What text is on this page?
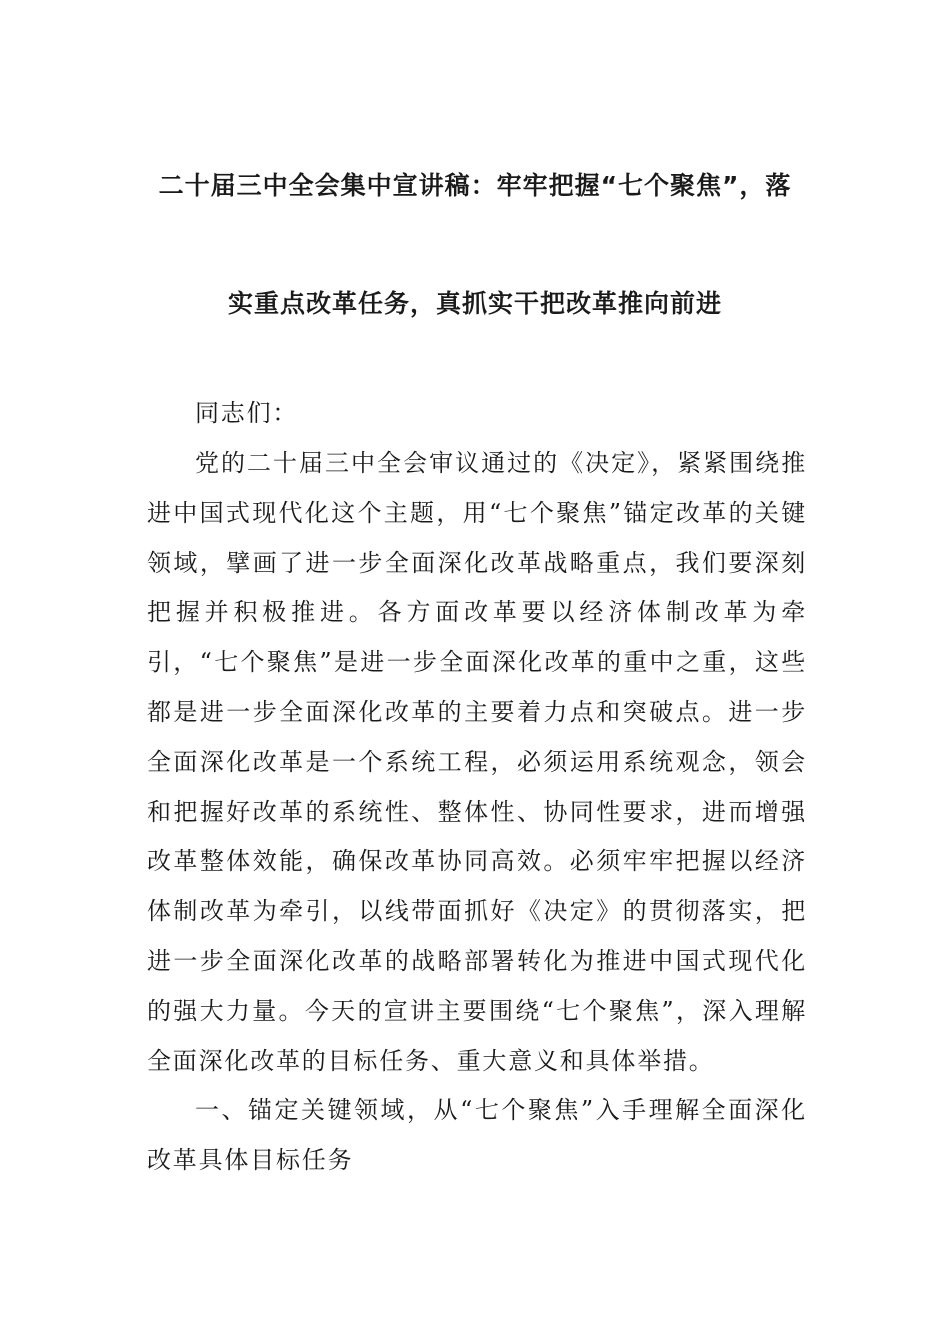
二十届三中全会集中宣讲稿：牢牢把握“七个聚焦”，落
实重点改革任务，真抓实干把改革推向前进

同志们：

党的二十届三中全会审议通过的《决定》，紧紧围绕推进中国式现代化这个主题，用“七个聚焦”锚定改革的关键领域，擘画了进一步全面深化改革战略重点，我们要深刻把握并积极推进。各方面改革要以经济体制改革为牵引，“七个聚焦”是进一步全面深化改革的重中之重，这些都是进一步全面深化改革的主要着力点和突破点。进一步全面深化改革是一个系统工程，必须运用系统观念，领会和把握好改革的系统性、整体性、协同性要求，进而增强改革整体效能，确保改革协同高效。必须牢牢把握以经济体制改革为牵引，以线带面抓好《决定》的贯彻落实，把进一步全面深化改革的战略部署转化为推进中国式现代化的强大力量。今天的宣讲主要围绕“七个聚焦”，深入理解全面深化改革的目标任务、重大意义和具体举措。

一、锚定关键领域，从“七个聚焦”入手理解全面深化改革具体目标任务
